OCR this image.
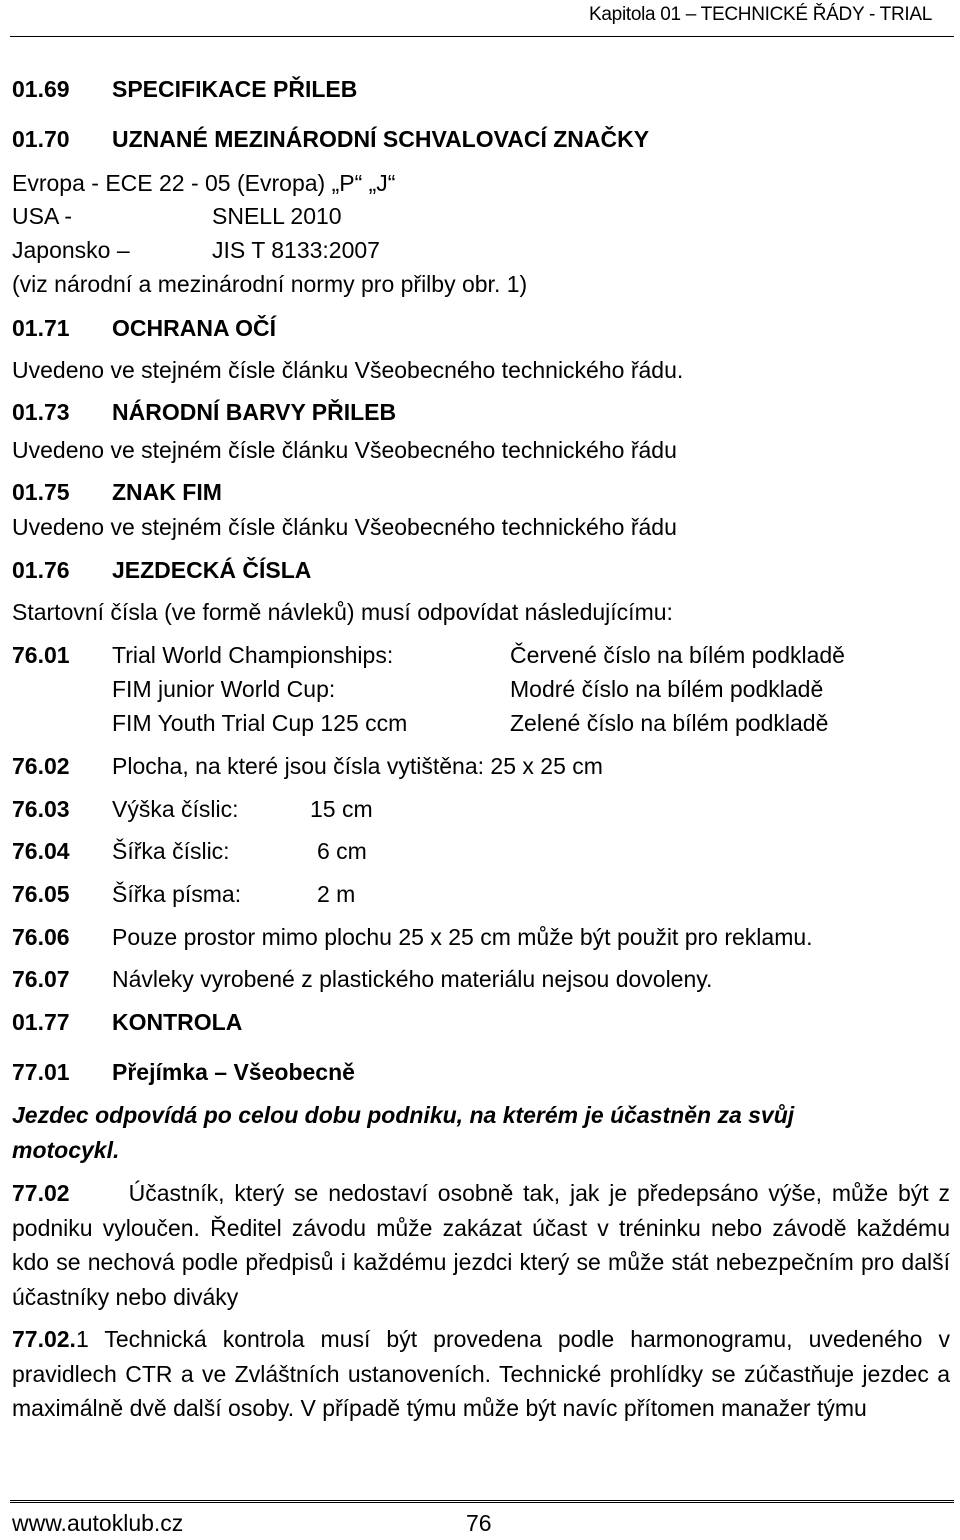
Kapitola 01 – TECHNICKÉ ŘÁDY - TRIAL
01.69 SPECIFIKACE PŘILEB
01.70 UZNANÉ MEZINÁRODNÍ SCHVALOVACÍ ZNAČKY
Evropa - ECE 22 - 05 (Evropa) „P“ „J“
USA -	SNELL 2010
Japonsko –	JIS T 8133:2007
(viz národní a mezinárodní normy pro přilby obr. 1)
01.71 OCHRANA OČÍ
Uvedeno ve stejném čísle článku Všeobecného technického řádu.
01.73 NÁRODNÍ BARVY PŘILEB
Uvedeno ve stejném čísle článku Všeobecného technického řádu
01.75 ZNAK FIM
Uvedeno ve stejném čísle článku Všeobecného technického řádu
01.76 JEZDECKÁ ČÍSLA
Startovní čísla (ve formě návleků) musí odpovídat následujícímu:
76.01 Trial World Championships:	Červené číslo na bílém podkladě
FIM junior World Cup:	Modré číslo na bílém podkladě
FIM Youth Trial Cup 125 ccm	Zelené číslo na bílém podkladě
76.02 Plocha, na které jsou čísla vytištěna: 25 x 25 cm
76.03 Výška číslic:	15 cm
76.04 Šířka číslic:	6 cm
76.05 Šířka písma:	2 m
76.06 Pouze prostor mimo plochu 25 x 25 cm může být použit pro reklamu.
76.07 Návleky vyrobené z plastického materiálu nejsou dovoleny.
01.77 KONTROLA
77.01 Přejímka – Všeobecně
Jezdec odpovídá po celou dobu podniku, na kterém je účastněn za svůj
motocykl.
77.02	Účastník, který se nedostaví osobně tak, jak je předepsáno výše, může být z podniku vyloučen. Ředitel závodu může zakázat účast v tréninku nebo závodě každému kdo se nechová podle předpisů i každému jezdci který se může stát nebezpečním pro další účastníky nebo diváky
77.02.1 Technická kontrola musí být provedena podle harmonogramu, uvedeného v pravidlech CTR a ve Zvláštních ustanoveních. Technické prohlídky se zúčastňuje jezdec a maximálně dvě další osoby. V případě týmu může být navíc přítomen manažer týmu
www.autoklub.cz	76
